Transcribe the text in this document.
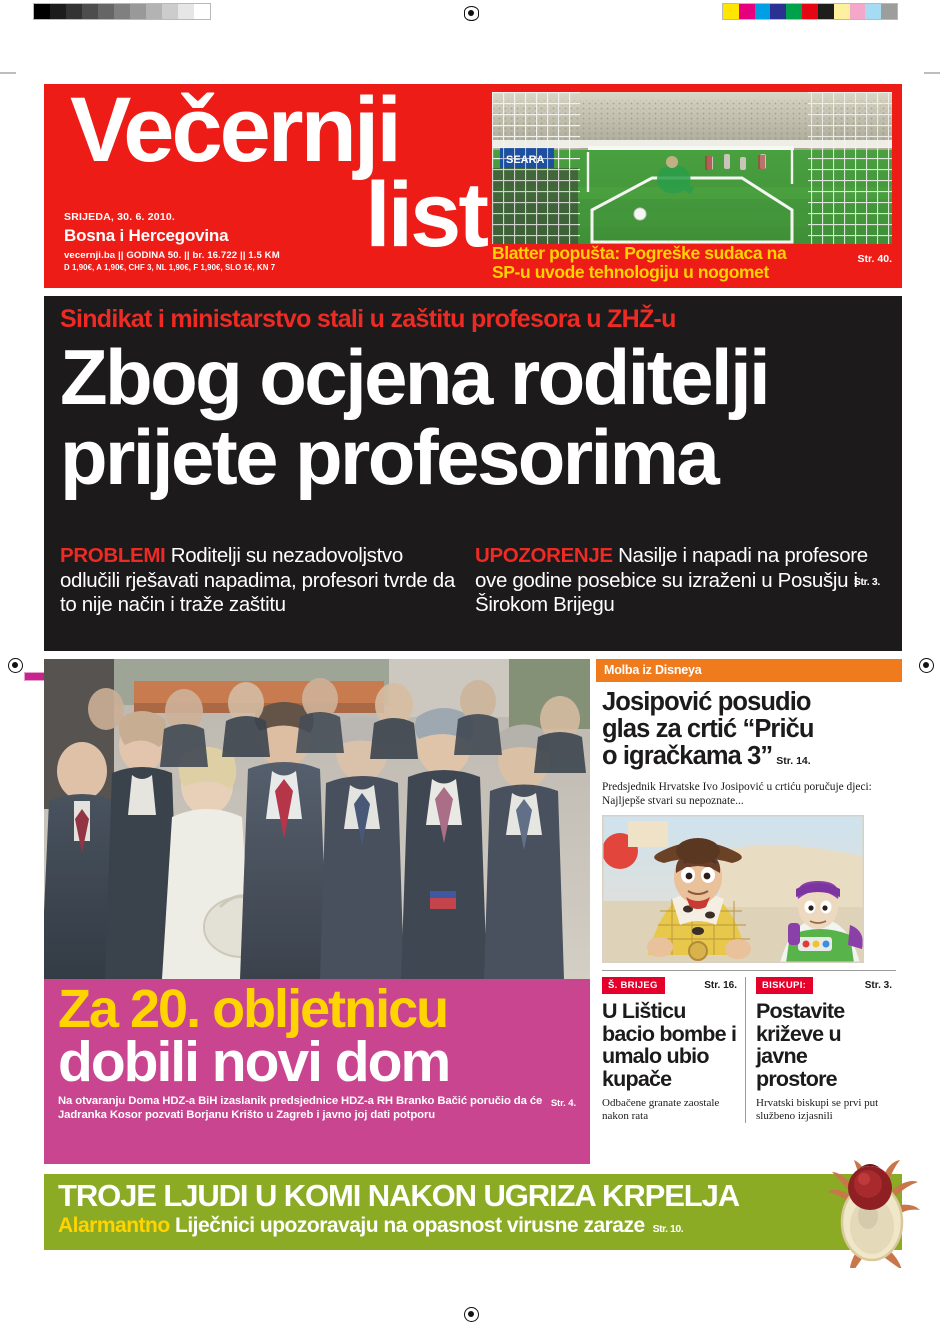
Večernji
list
SRIJEDA, 30. 6. 2010.
Bosna i Hercegovina
vecernji.ba || GODINA 50. || br. 16.722 || 1.5 KM
D 1,90€, A 1,90€, CHF 3, NL 1,90€, F 1,90€, SLO 1€, KN 7
Str. 40.
Blatter popušta: Pogreške sudaca na
SP-u uvode tehnologiju u nogomet
Sindikat i ministarstvo stali u zaštitu profesora u ZHŽ-u
Zbog ocjena roditelji
prijete profesorima
PROBLEMI Roditelji su nezadovoljstvo odlučili rješavati napadima, profesori tvrde da to nije način i traže zaštitu
Str. 3.
UPOZORENJE Nasilje i napadi na profesore ove godine posebice su izraženi u Posušju i Širokom Brijegu
Za 20. obljetnicu
dobili novi dom
Str. 4.
Na otvaranju Doma HDZ-a BiH izaslanik predsjednice HDZ-a RH Branko Bačić poručio da će Jadranka Kosor pozvati Borjanu Krišto u Zagreb i javno joj dati potporu
Molba iz Disneya
Josipović posudio
glas za crtić “Priču
o igračkama 3” Str. 14.
Predsjednik Hrvatske Ivo Josipović u crtiću poručuje djeci: Najljepše stvari su nepoznate...
Š. BRIJEG	Str. 16.
U Lišticu bacio bombe i umalo ubio kupače
Odbačene granate zaostale nakon rata
BISKUPI:	Str. 3.
Postavite križeve u javne prostore
Hrvatski biskupi se prvi put službeno izjasnili
TROJE LJUDI U KOMI NAKON UGRIZA KRPELJA
Alarmantno Liječnici upozoravaju na opasnost virusne zaraze Str. 10.
